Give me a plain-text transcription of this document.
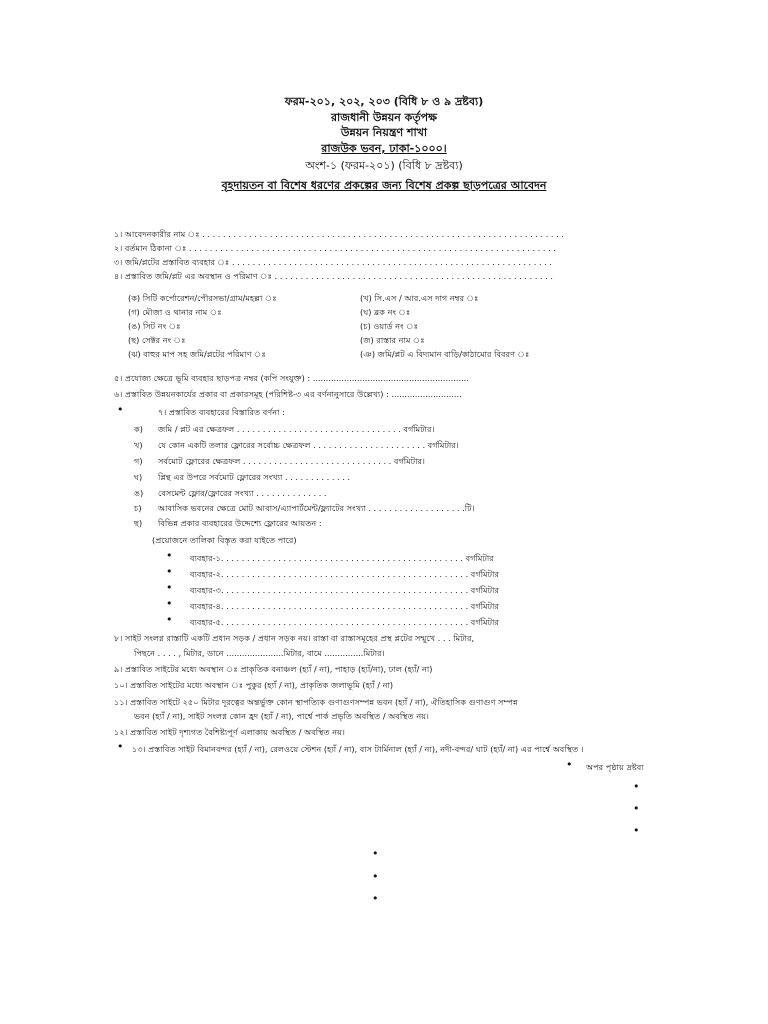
ফরম-২০১, ২০২, ২০৩ (বিধি ৮ ও ৯ দ্রষ্টব্য)
রাজধানী উন্নয়ন কর্তৃপক্ষ
উন্নয়ন নিয়ন্ত্রণ শাখা
রাজউক ভবন, ঢাকা-১০০০।
অংশ-১ (ফরম-২০১) (বিধি ৮ দ্রষ্টব্য)
বৃহদায়তন বা বিশেষ ধরণের প্রকল্পের জন্য বিশেষ প্রকল্প ছাড়পত্রের আবেদন
১। আবেদনকারীর নাম ঃ . . . . . . . . . . . . . . . . . . . . . . . . . . . . . . . . . . . . . . . . . . . . . . . . . . . . . . . . . . . . . . . . . . . . . .
২। বর্তমান ঠিকানা ঃ . . . . . . . . . . . . . . . . . . . . . . . . . . . . . . . . . . . . . . . . . . . . . . . . . . . . . . . . . . . . . . . . . . . . . . .
৩। জমি/প্লটের প্রস্তাবিত ব্যবহার ঃ . . . . . . . . . . . . . . . . . . . . . . . . . . . . . . . . . . . . . . . . . . . . . . . . . . . . . . . . . . . . . .
৪। প্রস্তাবিত জমি/প্লট এর অবস্থান ও পরিমাণ ঃ . . . . . . . . . . . . . . . . . . . . . . . . . . . . . . . . . . . . . . . . . . . . . . . . . . . . . .
(ক) সিটি কর্পোরেশন/পৌরসভা/গ্রাম/মহল্লা ঃ
(গ) মৌজা ও থানার নাম ঃ
(ঙ) সিট নং ঃ
(ছ) সেক্টর নং ঃ
(ঝ) বাহুর মাপ সহ জমি/প্লটের পরিমাণ ঃ
(খ) সি.এস / আর.এস দাগ নম্বর ঃ
(ঘ) ব্লক নং ঃ
(চ) ওয়ার্ড নং ঃ
(জ) রাস্তার নাম ঃ
(ঞ) জমি/প্লট এ বিদ্যমান বাড়ি/কাঠামোর বিবরণ ঃ
৫। প্রযোজ্য ক্ষেত্রে ভূমি ব্যবহার ছাড়পত্র নম্বর (কপি সংযুক্ত) : ............................................................
৬। প্রস্তাবিত উন্নয়নকার্যের প্রকার বা প্রকারসমূহ (পরিশিষ্ট-৩ এর বর্ণনানুসারে উল্লেখ্য) : ...........................
•	৭। প্রস্তাবিত ব্যবহারের বিস্তারিত বর্ণনা :
ক) জমি / প্লট এর ক্ষেত্রফল . . . . . . . . . . . . . . . . . . . . . . . . . . . . . . . . বর্গমিটার।
খ) যে কোন একটি তলার ফ্লোরের সর্বোচ্চ ক্ষেত্রফল . . . . . . . . . . . . . . . . . . . . . . বর্গমিটার।
গ) সর্বমোট ফ্লোরের ক্ষেত্রফল . . . . . . . . . . . . . . . . . . . . . . . . . . . . . বর্গমিটার।
ঘ) প্লিন্থ এর উপরে সর্বমোট ফ্লোরের সংখ্যা . . . . . . . . . . . . .
ঙ) বেসমেন্ট ফ্লোর/ফ্লোরের সংখ্যা . . . . . . . . . . . . . .
চ) আবাসিক ভবনের ক্ষেত্রে মোট আবাস/এ্যাপার্টমেন্ট/ফ্ল্যাটের সংখ্যা . . . . . . . . . . . . . . . . . . .টি।
ছ) বিভিন্ন প্রকার ব্যবহারের উদ্দেশ্যে ফ্লোরের আয়তন :
(প্রয়োজনে তালিকা বিস্তৃত করা যাইতে পারে)
• ব্যবহার-১. . . . . . . . . . . . . . . . . . . . . . . . . . . . . . . . . . . . . . . . . . . . . . . বর্গমিটার
• ব্যবহার-২. . . . . . . . . . . . . . . . . . . . . . . . . . . . . . . . . . . . . . . . . . . . . . . . বর্গমিটার
• ব্যবহার-৩. . . . . . . . . . . . . . . . . . . . . . . . . . . . . . . . . . . . . . . . . . . . . . . . বর্গমিটার
• ব্যবহার-৪. . . . . . . . . . . . . . . . . . . . . . . . . . . . . . . . . . . . . . . . . . . . . . . . বর্গমিটার
• ব্যবহার-৫. . . . . . . . . . . . . . . . . . . . . . . . . . . . . . . . . . . . . . . . . . . . . . . . বর্গমিটার
৮। সাইট সংলগ্ন রাস্তাটি একটি প্রধান সড়ক / প্রধান সড়ক নয়। রাস্তা বা রাস্তাসমূহের প্রস্থ প্লটের সম্মুখে . . . মিটার,
পিছনে . . . . , মিটার, ডানে ......................মিটার, বামে ...............মিটার।
৯। প্রস্তাবিত সাইটের মধ্যে অবস্থান ঃ প্রাকৃতিক বনাঞ্চল (হ্যাঁ / না), পাহাড় (হ্যাঁ/না), ঢাল (হ্যাঁ/ না)
১০। প্রস্তাবিত সাইটের মধ্যে অবস্থান ঃ পুকুর (হ্যাঁ / না), প্রাকৃতিক জলাভূমি (হ্যাঁ / না)
১১। প্রস্তাবিত সাইটে ২৫০ মিটার দূরত্বের অন্তর্ভুক্ত কোন স্থাপত্যিক গুণাগুণসম্পন্ন ভবন (হ্যাঁ / না), ঐতিহাসিক গুণাগুণ সম্পন্ন
ভবন (হ্যাঁ / না), সাইট সংলগ্ন কোন হ্রদ (হ্যাঁ / না), পার্শ্বে পার্ক প্রভৃতি অবস্থিত / অবস্থিত নয়।
১২। প্রস্তাবিত সাইট দৃশ্যগত বৈশিষ্ট্যপূর্ণ এলাকায় অবস্থিত / অবস্থিত নয়।
• ১৩। প্রস্তাবিত সাইট বিমানবন্দর (হ্যাঁ / না), রেলওয়ে স্টেশন (হ্যাঁ / না), বাস টার্মিনাল (হ্যাঁ / না), নদী-বন্দর/ ঘাট (হ্যাঁ/ না) এর পার্শ্বে অবস্থিত ।
• অপর পৃষ্ঠায় দ্রষ্টব্য
•
•
•
•
•
•
